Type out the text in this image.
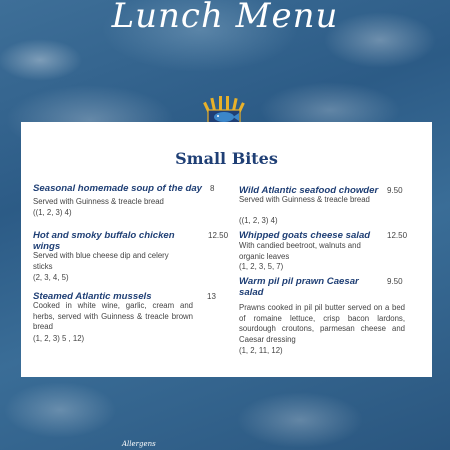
Lunch Menu
Small Bites
Seasonal homemade soup of the day	8
Served with Guinness & treacle bread
((1, 2, 3) 4)
Hot and smoky buffalo chicken wings
12.50
Served with blue cheese dip and celery sticks
(2, 3, 4, 5)
Steamed Atlantic mussels	13
Cooked in white wine, garlic, cream and herbs, served with Guinness & treacle brown bread
(1, 2, 3) 5 , 12)
Wild Atlantic seafood chowder	9.50
Served with Guinness & treacle bread
((1, 2, 3) 4)
Whipped goats cheese salad	12.50
With candied beetroot, walnuts and organic leaves
(1, 2, 3, 5, 7)
Warm pil pil prawn Caesar salad
9.50
Prawns cooked in pil pil butter served on a bed of romaine lettuce, crisp bacon lardons, sourdough croutons, parmesan cheese and Caesar dressing
(1, 2, 11, 12)
Allergens
